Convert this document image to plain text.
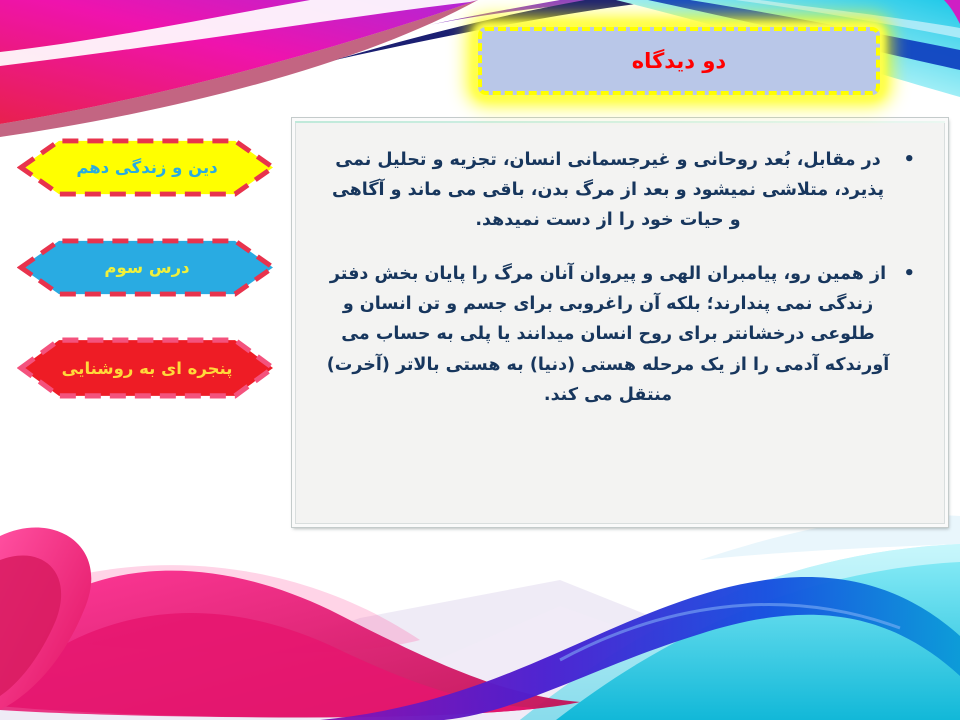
دو دیدگاه
دین و زندگی دهم
درس سوم
پنجره ای به روشنایی
•

در مقابل، بُعد روحانی و غیرجسمانی انسان، تجزیه و تحلیل نمی پذیرد، متلاشی نمیشود و بعد از مرگ بدن، باقی می ماند و آگاهی و حیات خود را از دست نمیدهد.

•

از همین رو، پیامبران الهی و پیروان آنان مرگ را پایان بخش دفتر زندگی نمی پندارند؛ بلکه آن راغروبی برای جسم و تن انسان و طلوعی درخشانتر برای روح انسان میدانند یا پلی به حساب می آورندکه آدمی را از یک مرحله هستی (دنیا) به هستی بالاتر (آخرت) منتقل می کند.
